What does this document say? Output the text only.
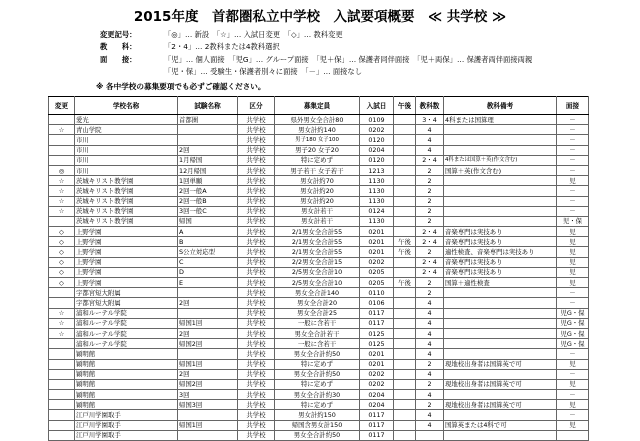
2015年度　首都圏私立中学校　入試要項概要　≪ 共学校 ≫
変更記号：	「◎」… 新設　「☆」… 入試日変更　「◇」… 教科変更
教　　科：	「2・4」… 2教科または4教科選択
面　　接：	「児」… 個人面接　「児G」… グループ面接　「児＋保」… 保護者同伴面接　「児＋両保」… 保護者両伴面接両親
「児・保」… 受験生・保護者別々に面接　「－」… 面接なし
※ 各中学校の募集要項でも必ずご確認ください。
変更	学校名称	試験名称	区分	募集定員	入試日	午後	教科数	教科備考	面接
	愛光	首都圏	共学校	県外男女全合計80	0109		3・4	4科または国算理	－
☆	青山学院		共学校	男女計約140	0202		4		－
	市川		共学校	男子180 女子100	0120		4		－
	市川	2回	共学校	男子20 女子20	0204		4		－
	市川	1月帰国	共学校	特に定めず	0120		2・4	4科または国算＋英(作文含む)	－
◎	市川	12月帰国	共学校	男子若干 女子若干	1213		2	国算＋英(作文含む)	－
☆	茨城キリスト教学園	1回単願	共学校	男女計約70	1130		2		児
☆	茨城キリスト教学園	2回一般A	共学校	男女計約20	1130		2		－
☆	茨城キリスト教学園	2回一般B	共学校	男女計約20	1130		2		－
☆	茨城キリスト教学園	3回一般C	共学校	男女計若干	0124		2		－
	茨城キリスト教学園	帰国	共学校	男女計若干	1130		2		児・保
◇	上野学園	A	共学校	2/1男女全合計55	0201		2・4	音楽専門は実技あり	児
◇	上野学園	B	共学校	2/1男女全合計55	0201	午後	2・4	音楽専門は実技あり	児
◇	上野学園	S公立対応型	共学校	2/1男女全合計55	0201	午後	2	適性検査、音楽専門は実技あり	児
◇	上野学園	C	共学校	2/2男女全合計15	0202		2・4	音楽専門は実技あり	児
◇	上野学園	D	共学校	2/5男女全合計10	0205		2・4	音楽専門は実技あり	児
◇	上野学園	E	共学校	2/5男女全合計10	0205	午後	2	国算＋適性検査	児
	宇都宮短大附属		共学校	男女全合計140	0110		2		－
	宇都宮短大附属	2回	共学校	男女全合計20	0106		4		－
☆	浦和ルーテル学院		共学校	男女全合計25	0117		4		児G・保
☆	浦和ルーテル学院	帰国1回	共学校	一般に含若干	0117		4		児G・保
☆	浦和ルーテル学院	2回	共学校	男女全合計若干	0125		4		児G・保
	浦和ルーテル学院	帰国2回	共学校	一般に含若干	0125		4		児G・保
	穎明館		共学校	男女全合計約50	0201		4		－
	穎明館	帰国1回	共学校	特に定めず	0201		2	現地校出身者は国算英で可	児
	穎明館	2回	共学校	男女全合計約50	0202		4		－
	穎明館	帰国2回	共学校	特に定めず	0202		2	現地校出身者は国算英で可	児
	穎明館	3回	共学校	男女全合計約30	0204		4		－
	穎明館	帰国3回	共学校	特に定めず	0204		2	現地校出身者は国算英で可	児
	江戸川学園取手		共学校	男女計約150	0117		4		－
	江戸川学園取手	帰国1回	共学校	帰国含男女計150	0117		4	国算英または4科で可	児
	江戸川学園取手		共学校	男女全合計約50	0117				
